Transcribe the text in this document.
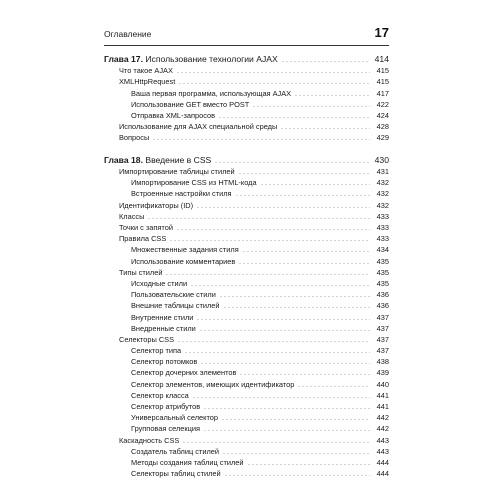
Оглавление	17
Глава 17. Использование технологии AJAX	414
Что такое AJAX	415
XMLHttpRequest	415
Ваша первая программа, использующая AJAX	417
Использование GET вместо POST	422
Отправка XML-запросов	424
Использование для AJAX специальной среды	428
Вопросы	429
Глава 18. Введение в CSS	430
Импортирование таблицы стилей	431
Импортирование CSS из HTML-кода	432
Встроенные настройки стиля	432
Идентификаторы (ID)	432
Классы	433
Точки с запятой	433
Правила CSS	433
Множественные задания стиля	434
Использование комментариев	435
Типы стилей	435
Исходные стили	435
Пользовательские стили	436
Внешние таблицы стилей	436
Внутренние стили	437
Внедренные стили	437
Селекторы CSS	437
Селектор типа	437
Селектор потомков	438
Селектор дочерних элементов	439
Селектор элементов, имеющих идентификатор	440
Селектор класса	441
Селектор атрибутов	441
Универсальный селектор	442
Групповая селекция	442
Каскадность CSS	443
Создатель таблиц стилей	443
Методы создания таблиц стилей	444
Селекторы таблиц стилей	444
